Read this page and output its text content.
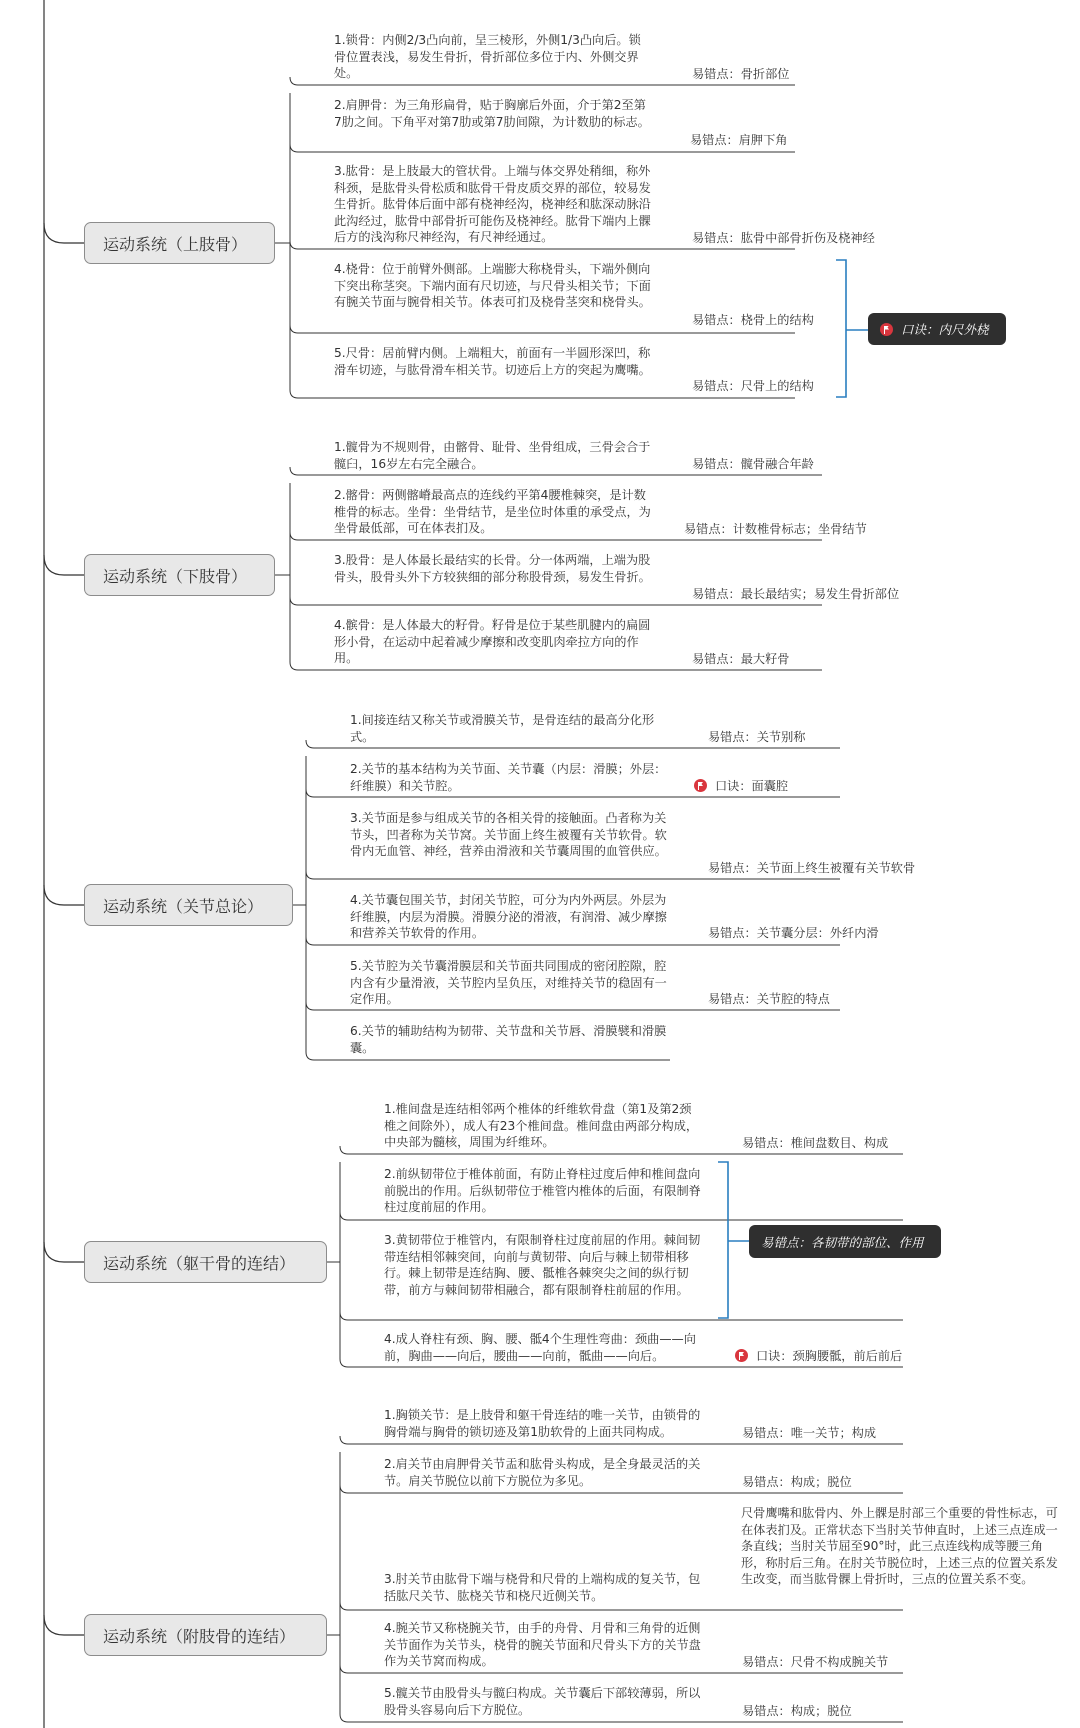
运动系统（上肢骨）
1.锁骨：内侧2/3凸向前，呈三棱形，外侧1/3凸向后。锁骨位置表浅，易发生骨折，骨折部位多位于内、外侧交界处。	易错点：骨折部位
2.肩胛骨：为三角形扁骨，贴于胸廓后外面，介于第2至第7肋之间。下角平对第7肋或第7肋间隙，为计数肋的标志。
易错点：肩胛下角
3.肱骨：是上肢最大的管状骨。上端与体交界处稍细，称外科颈，是肱骨头骨松质和肱骨干骨皮质交界的部位，较易发生骨折。肱骨体后面中部有桡神经沟，桡神经和肱深动脉沿此沟经过，肱骨中部骨折可能伤及桡神经。肱骨下端内上髁后方的浅沟称尺神经沟，有尺神经通过。	易错点：肱骨中部骨折伤及桡神经
4.桡骨：位于前臂外侧部。上端膨大称桡骨头，下端外侧向下突出称茎突。下端内面有尺切迹，与尺骨头相关节；下面有腕关节面与腕骨相关节。体表可扪及桡骨茎突和桡骨头。
易错点：桡骨上的结构
5.尺骨：居前臂内侧。上端粗大，前面有一半圆形深凹，称滑车切迹，与肱骨滑车相关节。切迹后上方的突起为鹰嘴。
易错点：尺骨上的结构
口诀：内尺外桡
运动系统（下肢骨）
1.髋骨为不规则骨，由髂骨、耻骨、坐骨组成，三骨会合于髋臼，16岁左右完全融合。	易错点：髋骨融合年龄
2.髂骨：两侧髂嵴最高点的连线约平第4腰椎棘突，是计数椎骨的标志。坐骨：坐骨结节，是坐位时体重的承受点，为坐骨最低部，可在体表扪及。	易错点：计数椎骨标志；坐骨结节
3.股骨：是人体最长最结实的长骨。分一体两端，上端为股骨头，股骨头外下方较狭细的部分称股骨颈，易发生骨折。
易错点：最长最结实；易发生骨折部位
4.髌骨：是人体最大的籽骨。籽骨是位于某些肌腱内的扁圆形小骨，在运动中起着减少摩擦和改变肌肉牵拉方向的作用。	易错点：最大籽骨
运动系统（关节总论）
1.间接连结又称关节或滑膜关节，是骨连结的最高分化形式。	易错点：关节别称
2.关节的基本结构为关节面、关节囊（内层：滑膜；外层：纤维膜）和关节腔。	口诀：面囊腔
3.关节面是参与组成关节的各相关骨的接触面。凸者称为关节头，凹者称为关节窝。关节面上终生被覆有关节软骨。软骨内无血管、神经，营养由滑液和关节囊周围的血管供应。
易错点：关节面上终生被覆有关节软骨
4.关节囊包围关节，封闭关节腔，可分为内外两层。外层为纤维膜，内层为滑膜。滑膜分泌的滑液，有润滑、减少摩擦和营养关节软骨的作用。	易错点：关节囊分层：外纤内滑
5.关节腔为关节囊滑膜层和关节面共同围成的密闭腔隙，腔内含有少量滑液，关节腔内呈负压，对维持关节的稳固有一定作用。	易错点：关节腔的特点
6.关节的辅助结构为韧带、关节盘和关节唇、滑膜襞和滑膜囊。
运动系统（躯干骨的连结）
1.椎间盘是连结相邻两个椎体的纤维软骨盘（第1及第2颈椎之间除外），成人有23个椎间盘。椎间盘由两部分构成，中央部为髓核，周围为纤维环。	易错点：椎间盘数目、构成
2.前纵韧带位于椎体前面，有防止脊柱过度后伸和椎间盘向前脱出的作用。后纵韧带位于椎管内椎体的后面，有限制脊柱过度前屈的作用。
3.黄韧带位于椎管内，有限制脊柱过度前屈的作用。棘间韧带连结相邻棘突间，向前与黄韧带、向后与棘上韧带相移行。棘上韧带是连结胸、腰、骶椎各棘突尖之间的纵行韧带，前方与棘间韧带相融合，都有限制脊柱前屈的作用。
4.成人脊柱有颈、胸、腰、骶4个生理性弯曲：颈曲——向前，胸曲——向后，腰曲——向前，骶曲——向后。	口诀：颈胸腰骶，前后前后
易错点：各韧带的部位、作用
运动系统（附肢骨的连结）
1.胸锁关节：是上肢骨和躯干骨连结的唯一关节，由锁骨的胸骨端与胸骨的锁切迹及第1肋软骨的上面共同构成。	易错点：唯一关节；构成
2.肩关节由肩胛骨关节盂和肱骨头构成，是全身最灵活的关节。肩关节脱位以前下方脱位为多见。	易错点：构成；脱位
3.肘关节由肱骨下端与桡骨和尺骨的上端构成的复关节，包括肱尺关节、肱桡关节和桡尺近侧关节。
尺骨鹰嘴和肱骨内、外上髁是肘部三个重要的骨性标志，可在体表扪及。正常状态下当肘关节伸直时，上述三点连成一条直线；当肘关节屈至90°时，此三点连线构成等腰三角形，称肘后三角。在肘关节脱位时，上述三点的位置关系发生改变，而当肱骨髁上骨折时，三点的位置关系不变。
4.腕关节又称桡腕关节，由手的舟骨、月骨和三角骨的近侧关节面作为关节头，桡骨的腕关节面和尺骨头下方的关节盘作为关节窝而构成。	易错点：尺骨不构成腕关节
5.髋关节由股骨头与髋臼构成。关节囊后下部较薄弱，所以股骨头容易向后下方脱位。	易错点：构成；脱位
